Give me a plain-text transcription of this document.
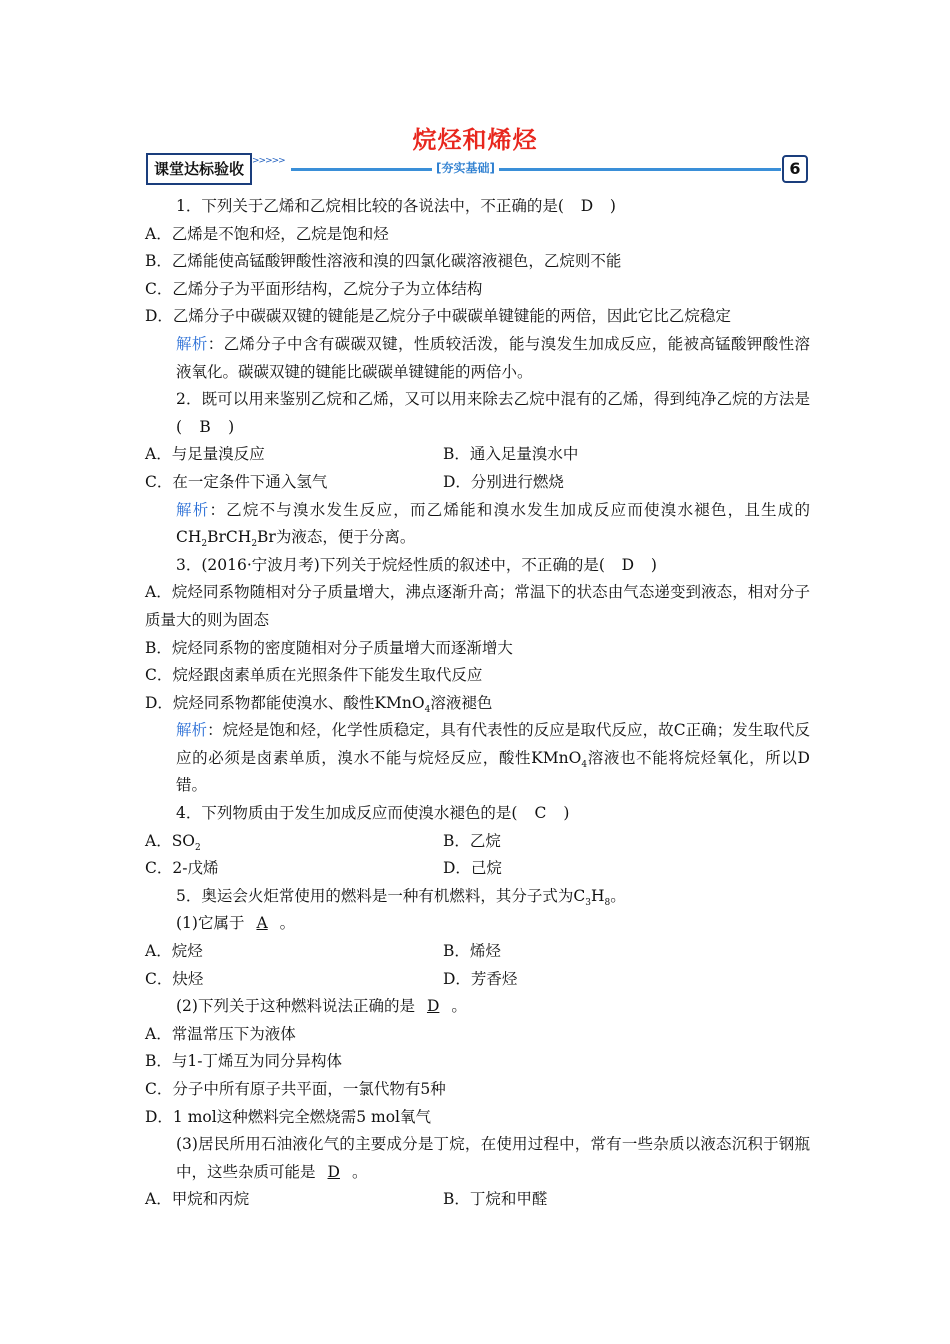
烷烃和烯烃
课堂达标验收 >>>>>	[夯实基础]	6

1．下列关于乙烯和乙烷相比较的各说法中，不正确的是( D )

A．乙烯是不饱和烃，乙烷是饱和烃

B．乙烯能使高锰酸钾酸性溶液和溴的四氯化碳溶液褪色，乙烷则不能

C．乙烯分子为平面形结构，乙烷分子为立体结构

D．乙烯分子中碳碳双键的键能是乙烷分子中碳碳单键键能的两倍，因此它比乙烷稳定

解析：乙烯分子中含有碳碳双键，性质较活泼，能与溴发生加成反应，能被高锰酸钾酸性溶液氧化。碳碳双键的键能比碳碳单键键能的两倍小。

2．既可以用来鉴别乙烷和乙烯，又可以用来除去乙烷中混有的乙烯，得到纯净乙烷的方法是( B )

A．与足量溴反应	B．通入足量溴水中
C．在一定条件下通入氢气	D．分别进行燃烧

解析：乙烷不与溴水发生反应，而乙烯能和溴水发生加成反应而使溴水褪色，且生成的$CH_2BrCH_2Br$为液态，便于分离。

3．(2016·宁波月考)下列关于烷烃性质的叙述中，不正确的是( D )

A．烷烃同系物随相对分子质量增大，沸点逐渐升高；常温下的状态由气态递变到液态，相对分子质量大的则为固态

B．烷烃同系物的密度随相对分子质量增大而逐渐增大

C．烷烃跟卤素单质在光照条件下能发生取代反应

D．烷烃同系物都能使溴水、酸性KMnO$_4$溶液褪色

解析：烷烃是饱和烃，化学性质稳定，具有代表性的反应是取代反应，故C正确；发生取代反应的必须是卤素单质，溴水不能与烷烃反应，酸性KMnO$_4$溶液也不能将烷烃氧化，所以D错。

4．下列物质由于发生加成反应而使溴水褪色的是( C )

A．$SO_2$	B．乙烷
C．2-戊烯	D．己烷

5．奥运会火炬常使用的燃料是一种有机燃料，其分子式为$C_3H_8$。

(1)它属于 A 。

A．烷烃	B．烯烃
C．炔烃	D．芳香烃

(2)下列关于这种燃料说法正确的是 D 。

A．常温常压下为液体

B．与1-丁烯互为同分异构体

C．分子中所有原子共平面，一氯代物有5种

D．1 mol这种燃料完全燃烧需5 mol氧气

(3)居民所用石油液化气的主要成分是丁烷，在使用过程中，常有一些杂质以液态沉积于钢瓶中，这些杂质可能是 D 。

A．甲烷和丙烷	B．丁烷和甲醛
